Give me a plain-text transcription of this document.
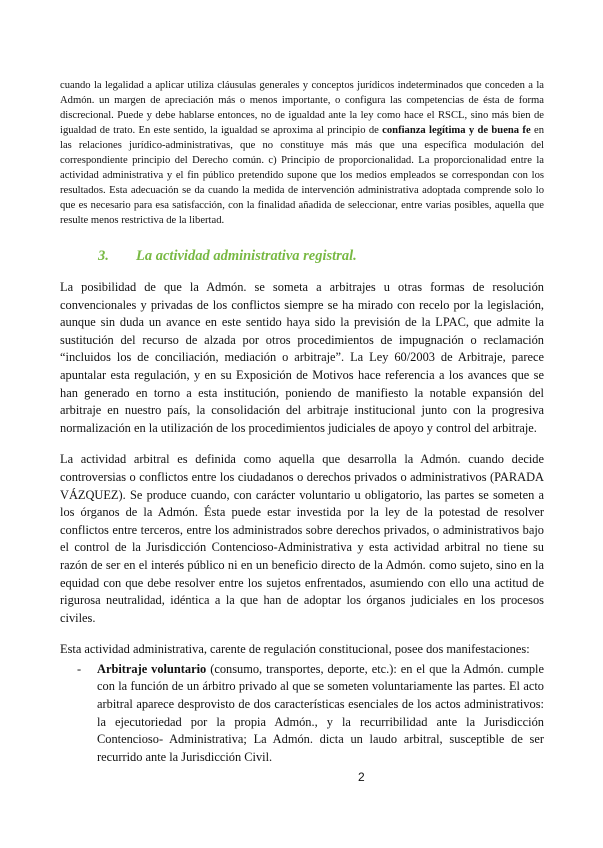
cuando la legalidad a aplicar utiliza cláusulas generales y conceptos jurídicos indeterminados que conceden a la Admón. un margen de apreciación más o menos importante, o configura las competencias de ésta de forma discrecional. Puede y debe hablarse entonces, no de igualdad ante la ley como hace el RSCL, sino más bien de igualdad de trato. En este sentido, la igualdad se aproxima al principio de confianza legítima y de buena fe en las relaciones jurídico-administrativas, que no constituye más más que una específica modulación del correspondiente principio del Derecho común. c) Principio de proporcionalidad. La proporcionalidad entre la actividad administrativa y el fin público pretendido supone que los medios empleados se correspondan con los resultados. Esta adecuación se da cuando la medida de intervención administrativa adoptada comprende solo lo que es necesario para esa satisfacción, con la finalidad añadida de seleccionar, entre varias posibles, aquella que resulte menos restrictiva de la libertad.

3.	La actividad administrativa registral.

La posibilidad de que la Admón. se someta a arbitrajes u otras formas de resolución convencionales y privadas de los conflictos siempre se ha mirado con recelo por la legislación, aunque sin duda un avance en este sentido haya sido la previsión de la LPAC, que admite la sustitución del recurso de alzada por otros procedimientos de impugnación o reclamación “incluidos los de conciliación, mediación o arbitraje”. La Ley 60/2003 de Arbitraje, parece apuntalar esta regulación, y en su Exposición de Motivos hace referencia a los avances que se han generado en torno a esta institución, poniendo de manifiesto la notable expansión del arbitraje en nuestro país, la consolidación del arbitraje institucional junto con la progresiva normalización en la utilización de los procedimientos judiciales de apoyo y control del arbitraje.

La actividad arbitral es definida como aquella que desarrolla la Admón. cuando decide controversias o conflictos entre los ciudadanos o derechos privados o administrativos (PARADA VÁZQUEZ). Se produce cuando, con carácter voluntario u obligatorio, las partes se someten a los órganos de la Admón. Ésta puede estar investida por la ley de la potestad de resolver conflictos entre terceros, entre los administrados sobre derechos privados, o administrativos bajo el control de la Jurisdicción Contencioso-Administrativa y esta actividad arbitral no tiene su razón de ser en el interés público ni en un beneficio directo de la Admón. como sujeto, sino en la equidad con que debe resolver entre los sujetos enfrentados, asumiendo con ello una actitud de rigurosa neutralidad, idéntica a la que han de adoptar los órganos judiciales en los procesos civiles.

Esta actividad administrativa, carente de regulación constitucional, posee dos manifestaciones:

-	Arbitraje voluntario (consumo, transportes, deporte, etc.): en el que la Admón. cumple con la función de un árbitro privado al que se someten voluntariamente las partes. El acto arbitral aparece desprovisto de dos características esenciales de los actos administrativos: la ejecutoriedad por la propia Admón., y la recurribilidad ante la Jurisdicción Contencioso- Administrativa; La Admón. dicta un laudo arbitral, susceptible de ser recurrido ante la Jurisdicción Civil.
2
